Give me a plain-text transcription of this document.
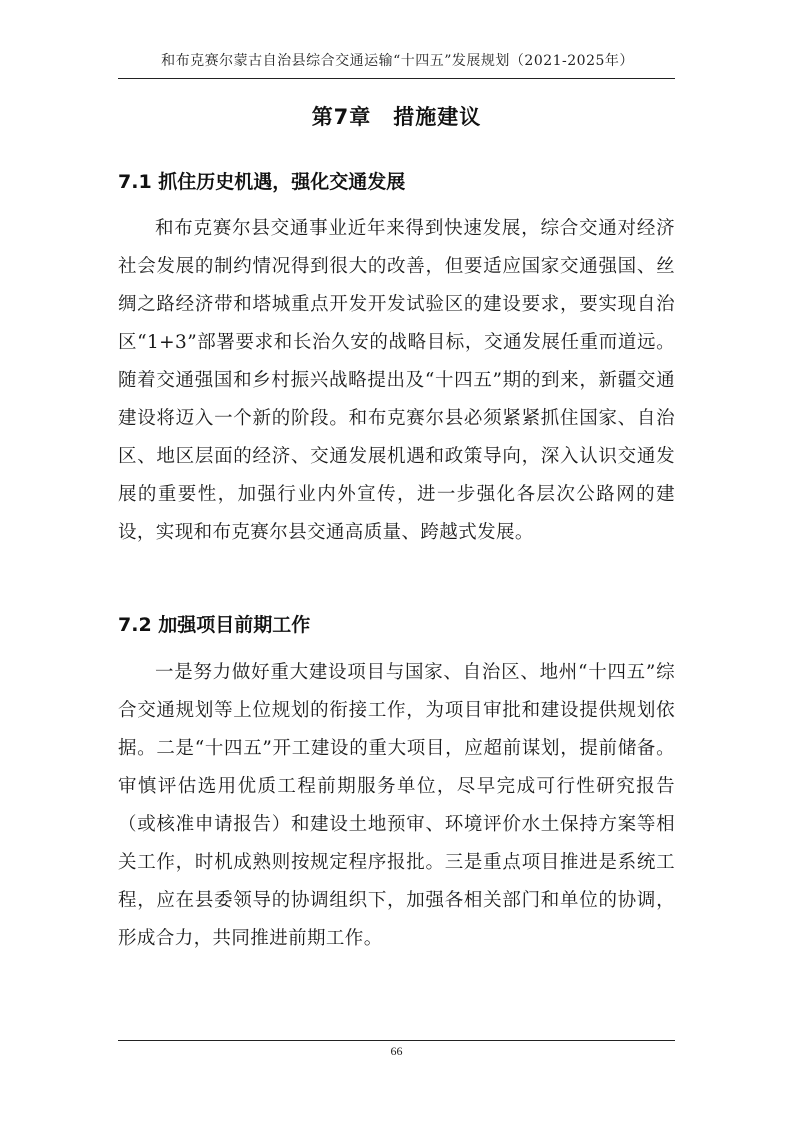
和布克赛尔蒙古自治县综合交通运输“十四五”发展规划（2021-2025年）
第7章　措施建议
7.1 抓住历史机遇，强化交通发展

和布克赛尔县交通事业近年来得到快速发展，综合交通对经济社会发展的制约情况得到很大的改善，但要适应国家交通强国、丝绸之路经济带和塔城重点开发开发试验区的建设要求，要实现自治区“1+3”部署要求和长治久安的战略目标，交通发展任重而道远。随着交通强国和乡村振兴战略提出及“十四五”期的到来，新疆交通建设将迈入一个新的阶段。和布克赛尔县必须紧紧抓住国家、自治区、地区层面的经济、交通发展机遇和政策导向，深入认识交通发展的重要性，加强行业内外宣传，进一步强化各层次公路网的建设，实现和布克赛尔县交通高质量、跨越式发展。

7.2 加强项目前期工作

一是努力做好重大建设项目与国家、自治区、地州“十四五”综合交通规划等上位规划的衔接工作，为项目审批和建设提供规划依据。二是“十四五”开工建设的重大项目，应超前谋划，提前储备。审慎评估选用优质工程前期服务单位，尽早完成可行性研究报告（或核准申请报告）和建设土地预审、环境评价水土保持方案等相关工作，时机成熟则按规定程序报批。三是重点项目推进是系统工程，应在县委领导的协调组织下，加强各相关部门和单位的协调，形成合力，共同推进前期工作。

66
